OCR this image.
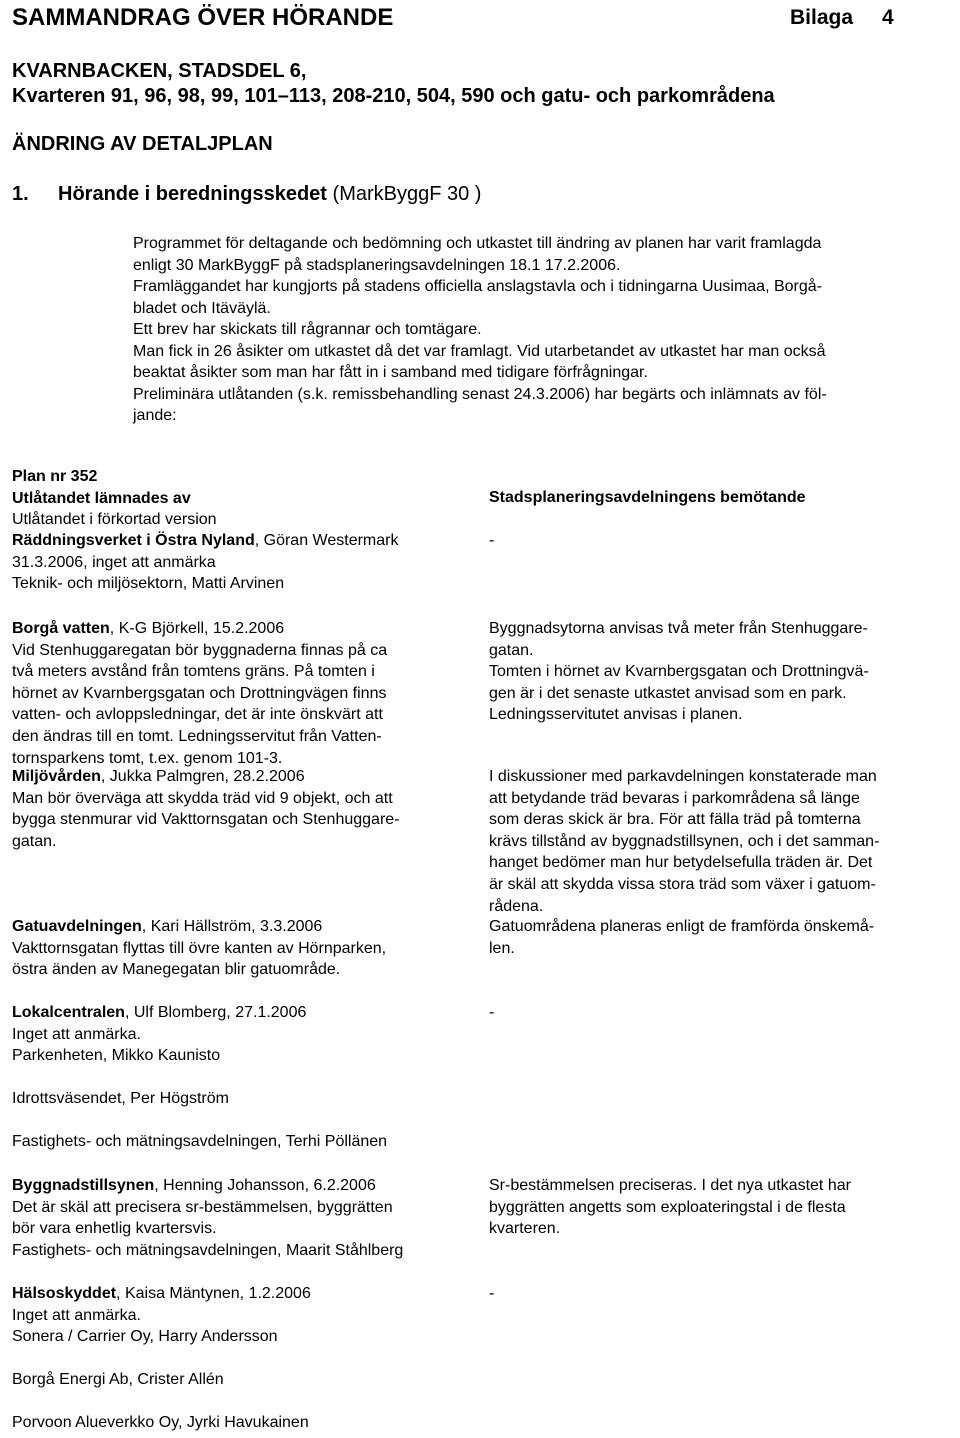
SAMMANDRAG ÖVER HÖRANDE	Bilaga 4
KVARNBACKEN, STADSDEL 6,
Kvarteren 91, 96, 98, 99, 101–113, 208-210, 504, 590 och gatu- och parkområdena
ÄNDRING AV DETALJPLAN
1. Hörande i beredningsskedet (MarkByggF 30 )
Programmet för deltagande och bedömning och utkastet till ändring av planen har varit framlagda
enligt 30 MarkByggF på stadsplaneringsavdelningen 18.1 17.2.2006.
Framläggandet har kungjorts på stadens officiella anslagstavla och i tidningarna Uusimaa, Borgå-
bladet och Itäväylä.
Ett brev har skickats till rågrannar och tomtägare.
Man fick in 26 åsikter om utkastet då det var framlagt. Vid utarbetandet av utkastet har man också
beaktat åsikter som man har fått in i samband med tidigare förfrågningar.
Preliminära utlåtanden (s.k. remissbehandling senast 24.3.2006) har begärts och inlämnats av föl-
jande:
Plan nr 352
Utlåtandet lämnades av
Utlåtandet i förkortad version
Stadsplaneringsavdelningens bemötande
Räddningsverket i Östra Nyland, Göran Westermark
31.3.2006, inget att anmärka
-
Teknik- och miljösektorn, Matti Arvinen
Borgå vatten, K-G Björkell, 15.2.2006
Vid Stenhuggaregatan bör byggnaderna finnas på ca
två meters avstånd från tomtens gräns. På tomten i
hörnet av Kvarnbergsgatan och Drottningvägen finns
vatten- och avloppsledningar, det är inte önskvärt att
den ändras till en tomt. Ledningsservitut från Vatten-
tornsparkens tomt, t.ex. genom 101-3.
Byggnadsytorna anvisas två meter från Stenhuggare-
gatan.
Tomten i hörnet av Kvarnbergsgatan och Drottningvä-
gen är i det senaste utkastet anvisad som en park.
Ledningsservitutet anvisas i planen.
Miljövården, Jukka Palmgren, 28.2.2006
Man bör överväga att skydda träd vid 9 objekt, och att
bygga stenmurar vid Vakttornsgatan och Stenhuggare-
gatan.
I diskussioner med parkavdelningen konstaterade man
att betydande träd bevaras i parkområdena så länge
som deras skick är bra. För att fälla träd på tomterna
krävs tillstånd av byggnadstillsynen, och i det samman-
hanget bedömer man hur betydelsefulla träden är. Det
är skäl att skydda vissa stora träd som växer i gatuom-
rådena.
Gatuavdelningen, Kari Hällström, 3.3.2006
Vakttornsgatan flyttas till övre kanten av Hörnparken,
östra änden av Manegegatan blir gatuområde.
Gatuområdena planeras enligt de framförda önskemå-
len.
Lokalcentralen, Ulf Blomberg, 27.1.2006
Inget att anmärka.
-
Parkenheten, Mikko Kaunisto
Idrottsväsendet, Per Högström
Fastighets- och mätningsavdelningen, Terhi Pöllänen
Byggnadstillsynen, Henning Johansson, 6.2.2006
Det är skäl att precisera sr-bestämmelsen, byggrätten
bör vara enhetlig kvartersvis.
Sr-bestämmelsen preciseras. I det nya utkastet har
byggrätten angetts som exploateringstal i de flesta
kvarteren.
Fastighets- och mätningsavdelningen, Maarit Ståhlberg
Hälsoskyddet, Kaisa Mäntynen, 1.2.2006
Inget att anmärka.
-
Sonera / Carrier Oy, Harry Andersson
Borgå Energi Ab, Crister Allén
Porvoon Alueverkko Oy, Jyrki Havukainen
